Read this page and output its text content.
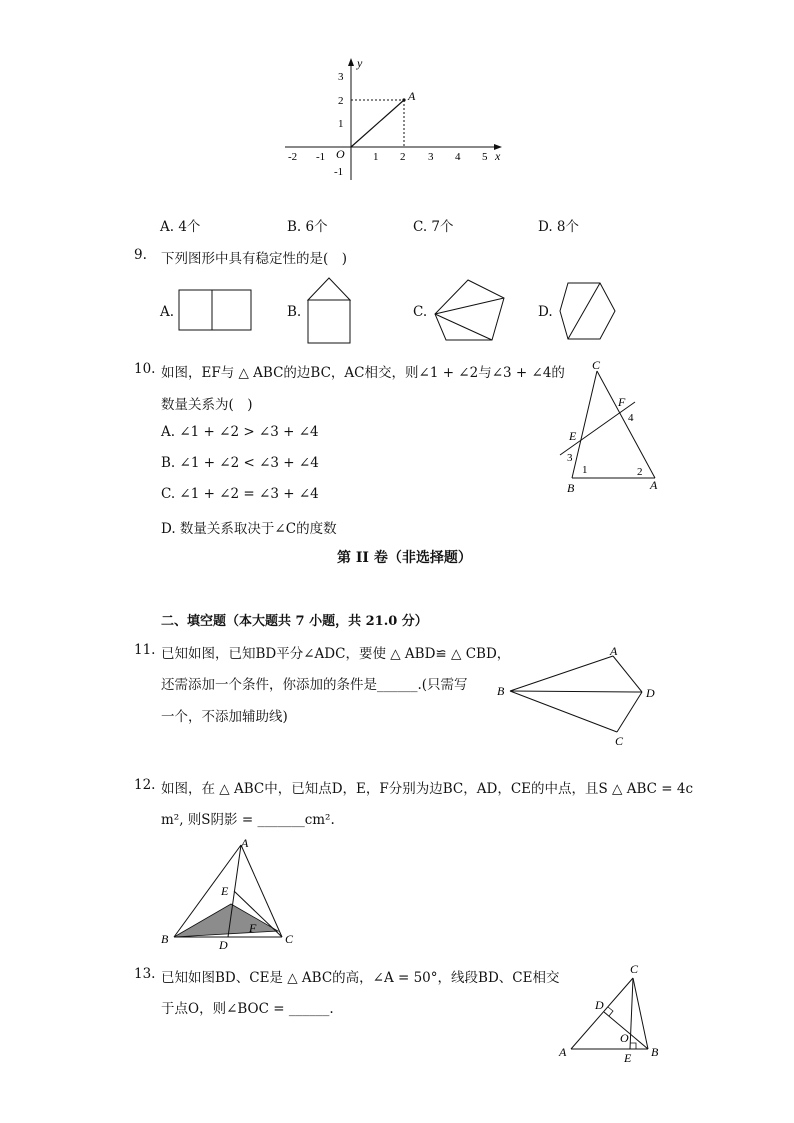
y
x
O
A
-2 -1	1 2 3 4 5
3
2
1
-1
A. 4个	B. 6个	C. 7个	D. 8个
9. 下列图形中具有稳定性的是(　)
A.	B.	C.	D.
10. 如图，EF与 △ ABC的边BC，AC相交，则∠1 + ∠2与∠3 + ∠4的
数量关系为(　)
A. ∠1 + ∠2 > ∠3 + ∠4
B. ∠1 + ∠2 < ∠3 + ∠4
C. ∠1 + ∠2 = ∠3 + ∠4
D. 数量关系取决于∠C的度数
C
F
4
E
3
1	2
B	A
第 II 卷（非选择题）
二、填空题（本大题共 7 小题，共 21.0 分）
11. 已知如图，已知BD平分∠ADC，要使 △ ABD≌ △ CBD，
还需添加一个条件，你添加的条件是______.(只需写
一个，不添加辅助线)
A
B	D
C
12. 如图，在 △ ABC中，已知点D，E，F分别为边BC，AD，CE的中点，且S △ ABC = 4c
m², 则S阴影 = _______cm².
A
E
F
B	D	C
13. 已知如图BD、CE是 △ ABC的高，∠A = 50°，线段BD、CE相交
于点O，则∠BOC = ______.
C
D
O
A	E B
